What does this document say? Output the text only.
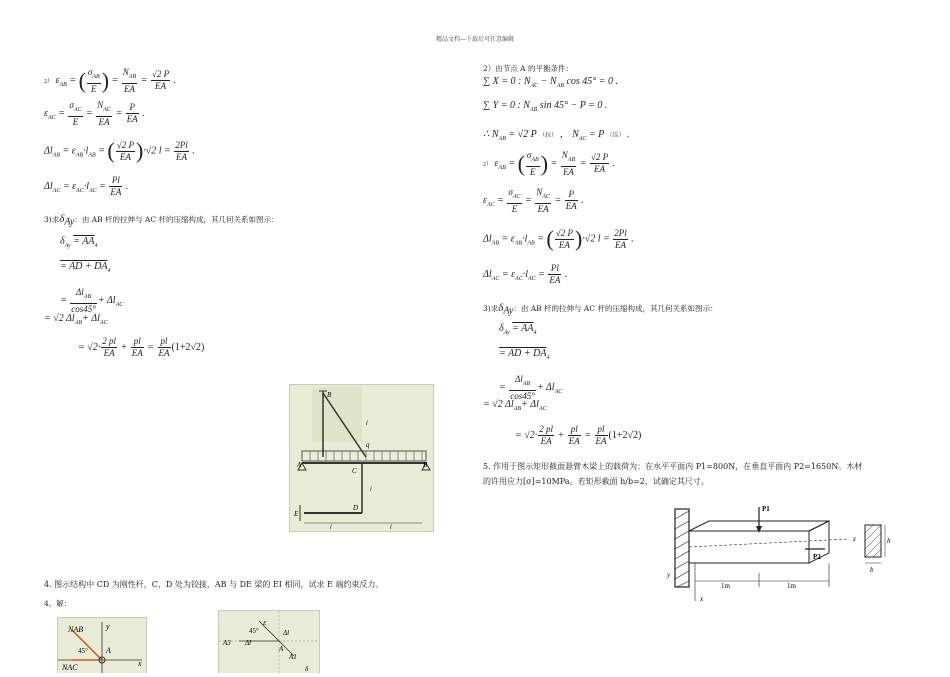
精品文档---下载后可任意编辑
2） $\varepsilon_{AB}$ = ( $\frac{\sigma_{AB}}{E}$ ) = $\frac{N_{AB}}{EA} = \frac{√2 P}{EA}$ .
$\varepsilon_{AC} = \frac{\sigma_{AC}}{E} = \frac{N_{AC}}{EA} = \frac{P}{EA}$ .
$\Delta l_{AB} = \varepsilon_{AB}\cdot l_{AB}$ = ( $\frac{√2 P}{EA} )\cdot√2$ $l = \frac{2Pl}{EA}$ .
$\Delta l_{AC} = \varepsilon_{AC}\cdot l_{AC} = \frac{Pl}{EA}$ .
3)求$\delta_{Ay}$：由 AB 杆的拉伸与 AC 杆的压缩构成，其几何关系如图示：
$\delta_{Ay} = AA_4$
= AD + $DA_4$
= $\frac{\Delta l_{AB}}{\cos 45^\circ} + \Delta l_{AC}$
= √2 $\Delta l_{AB}+ \Delta l_{AC}$
= $√2\cdot \frac{2 pl}{EA} + \frac{pl}{EA} = \frac{pl}{EA} (1+2√2)$
B
l
q
A
C
B
l
E
D
l	l
4. 图示结构中 CD 为刚性杆，C，D 处为铰接，AB 与 DE 梁的 EI 相同，试求 E 端约束反力。
4、解：
NAB	y
45° A
x
NAC
45°
E
Δl
A3 Δl
A
A1
δ
2）由节点 A 的平衡条件：
∑ X = 0 : $N_{AC} - N_{AB}$ cos 45° = 0 .
∑ Y = 0 : $N_{AB}$ sin 45° − P = 0 .
∴ $N_{AB} = √2$ P （拉） ， $N_{AC} = P$ （压） .
2） $\varepsilon_{AB}$ = ( $\frac{\sigma_{AB}}{E}$ ) = $\frac{N_{AB}}{EA} = \frac{√2 P}{EA}$ .
$\varepsilon_{AC} = \frac{\sigma_{AC}}{E} = \frac{N_{AC}}{EA} = \frac{P}{EA}$ .
$\Delta l_{AB} = \varepsilon_{AB}\cdot l_{AB}$ = ( $\frac{√2 P}{EA} )\cdot√2$ $l = \frac{2Pl}{EA}$ .
$\Delta l_{AC} = \varepsilon_{AC}\cdot l_{AC} = \frac{Pl}{EA}$ .
3)求$\delta_{Ay}$：由 AB 杆的拉伸与 AC 杆的压缩构成，其几何关系如图示：
$\delta_{Ay} = AA_4$
= AD + $DA_4$
= $\frac{\Delta l_{AB}}{\cos 45^\circ} + \Delta l_{AC}$
= √2 $\Delta l_{AB}+ \Delta l_{AC}$
= $√2\cdot \frac{2 pl}{EA} + \frac{pl}{EA} = \frac{pl}{EA} (1+2√2)$
5. 作用于图示矩形截面悬臂木梁上的载荷为：在水平平面内 P1=800N，在垂直平面内 P2=1650N。木材
的许用应力[σ]=10MPa。若矩形截面 h/b=2，试确定其尺寸。
P1
P2
z
y
x
1m	1m
h
b
